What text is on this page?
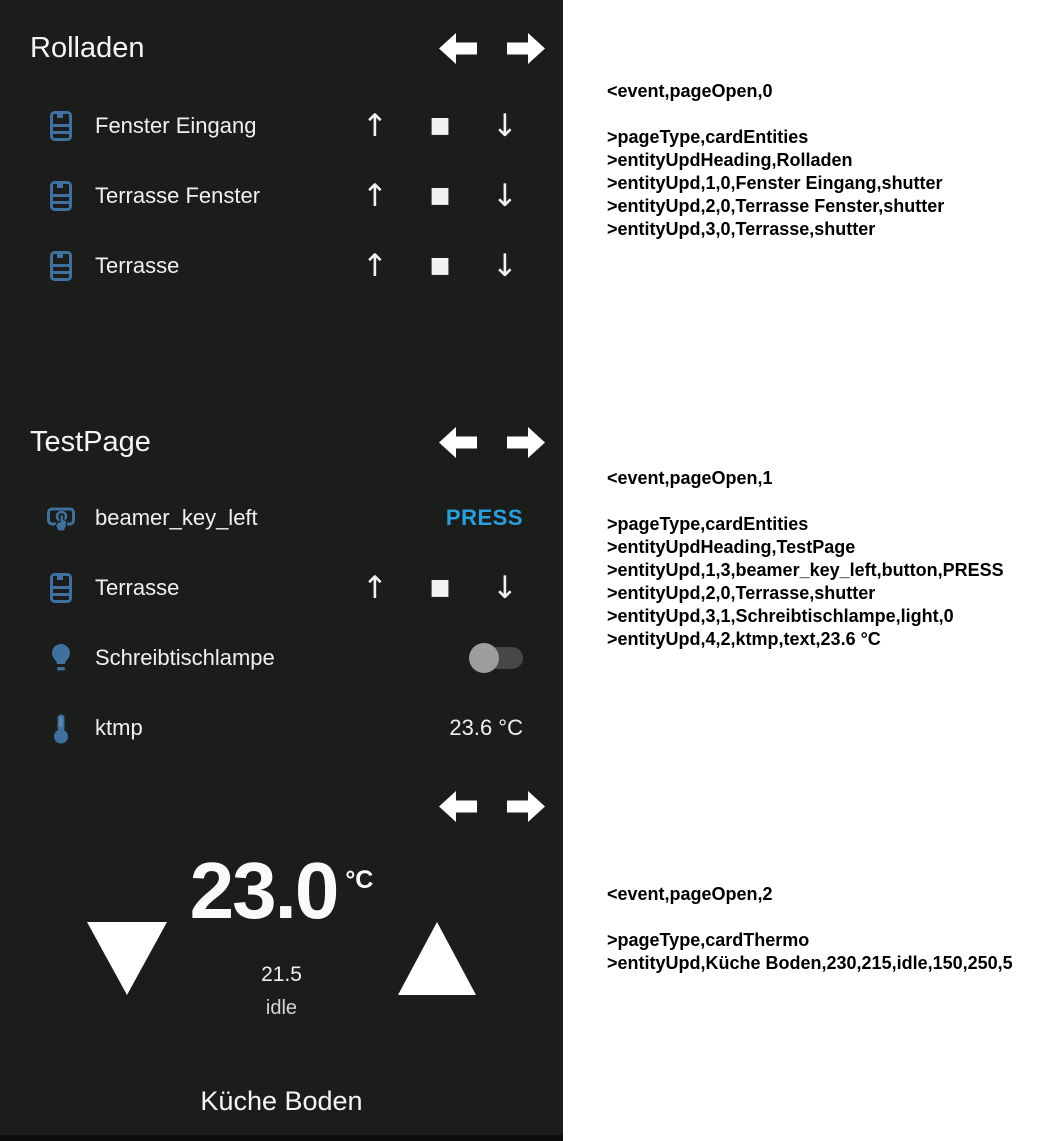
Rolladen
Fenster Eingang	↑	■ ↓
Terrasse Fenster	↑	■ ↓
Terrasse	↑	■ ↓
TestPage
beamer_key_left	PRESS
Terrasse	↑	■ ↓
Schreibtischlampe
ktmp	23.6 °C
23.0 °C
21.5
idle
Küche Boden
<event,pageOpen,0
>pageType,cardEntities
>entityUpdHeading,Rolladen
>entityUpd,1,0,Fenster Eingang,shutter
>entityUpd,2,0,Terrasse Fenster,shutter
>entityUpd,3,0,Terrasse,shutter
<event,pageOpen,1
>pageType,cardEntities
>entityUpdHeading,TestPage
>entityUpd,1,3,beamer_key_left,button,PRESS
>entityUpd,2,0,Terrasse,shutter
>entityUpd,3,1,Schreibtischlampe,light,0
>entityUpd,4,2,ktmp,text,23.6 °C
<event,pageOpen,2
>pageType,cardThermo
>entityUpd,Küche Boden,230,215,idle,150,250,5
